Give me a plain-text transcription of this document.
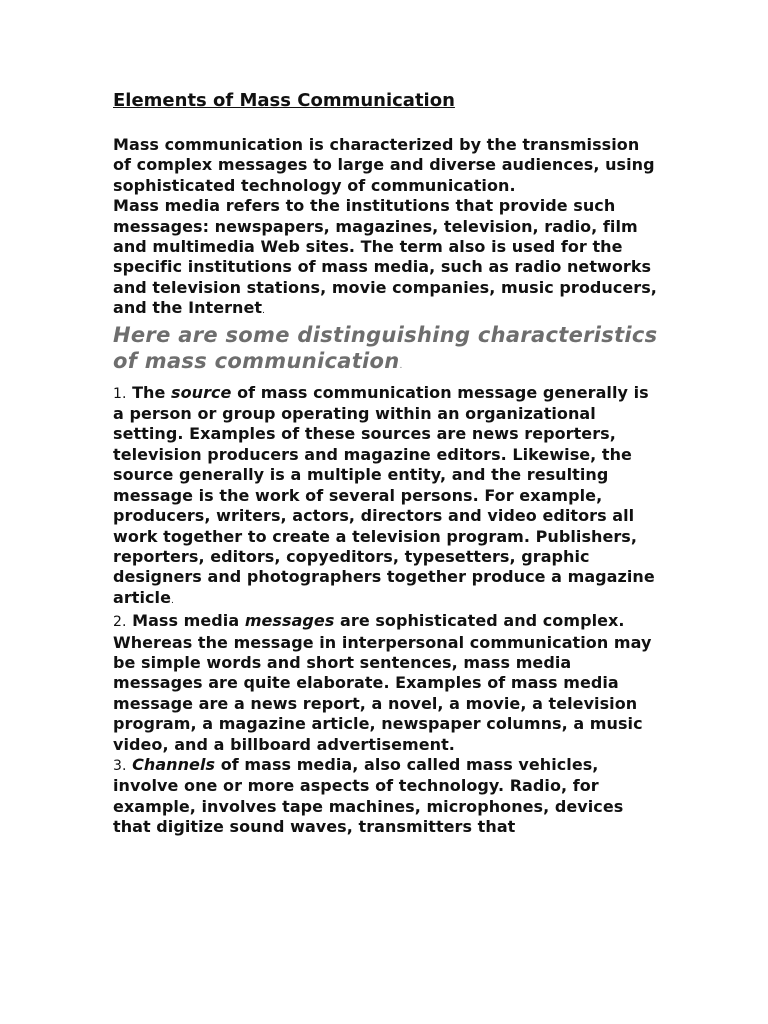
Elements of Mass Communication

Mass communication is characterized by the transmission of complex messages to large and diverse audiences, using sophisticated technology of communication.

Mass media refers to the institutions that provide such messages: newspapers, magazines, television, radio, film and multimedia Web sites. The term also is used for the specific institutions of mass media, such as radio networks and television stations, movie companies, music producers, and the Internet.

Here are some distinguishing characteristics of mass communication.

1. The source of mass communication message generally is a person or group operating within an organizational setting. Examples of these sources are news reporters, television producers and magazine editors. Likewise, the source generally is a multiple entity, and the resulting message is the work of several persons. For example, producers, writers, actors, directors and video editors all work together to create a television program. Publishers, reporters, editors, copyeditors, typesetters, graphic designers and photographers together produce a magazine article.

2. Mass media messages are sophisticated and complex. Whereas the message in interpersonal communication may be simple words and short sentences, mass media messages are quite elaborate. Examples of mass media message are a news report, a novel, a movie, a television program, a magazine article, newspaper columns, a music video, and a billboard advertisement.

3. Channels of mass media, also called mass vehicles, involve one or more aspects of technology. Radio, for example, involves tape machines, microphones, devices that digitize sound waves, transmitters that
